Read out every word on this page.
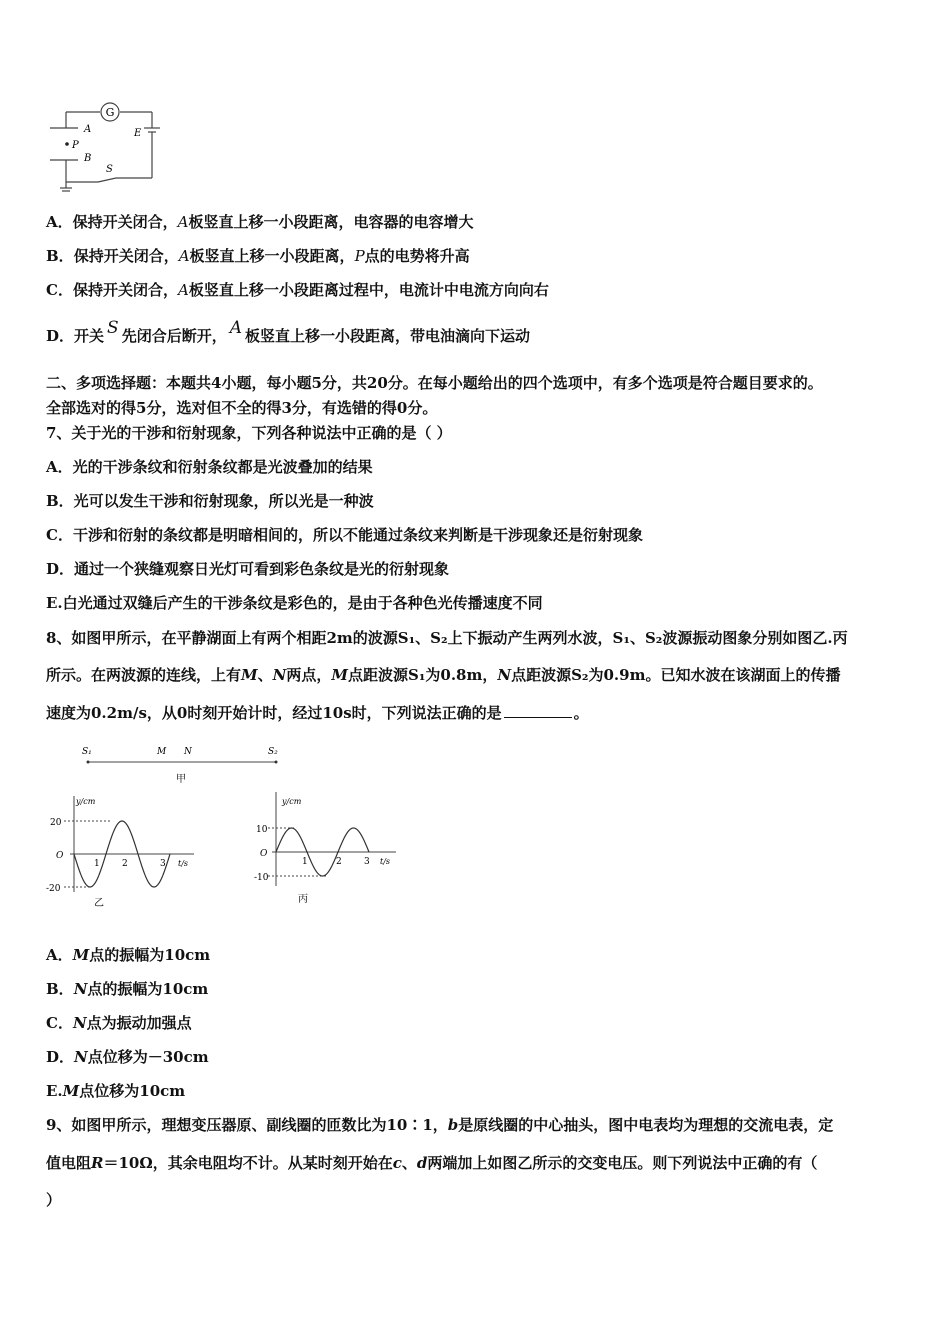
G
A
P
B
E
S
A．保持开关闭合，A板竖直上移一小段距离，电容器的电容增大
B．保持开关闭合，A板竖直上移一小段距离，P点的电势将升高
C．保持开关闭合，A板竖直上移一小段距离过程中，电流计中电流方向向右
D．开关 S 先闭合后断开， A 板竖直上移一小段距离，带电油滴向下运动
二、多项选择题：本题共4小题，每小题5分，共20分。在每小题给出的四个选项中，有多个选项是符合题目要求的。
全部选对的得5分，选对但不全的得3分，有选错的得0分。
7、关于光的干涉和衍射现象，下列各种说法中正确的是（ ）
A．光的干涉条纹和衍射条纹都是光波叠加的结果
B．光可以发生干涉和衍射现象，所以光是一种波
C．干涉和衍射的条纹都是明暗相间的，所以不能通过条纹来判断是干涉现象还是衍射现象
D．通过一个狭缝观察日光灯可看到彩色条纹是光的衍射现象
E.白光通过双缝后产生的干涉条纹是彩色的，是由于各种色光传播速度不同
8、如图甲所示，在平静湖面上有两个相距2m的波源S₁、S₂上下振动产生两列水波，S₁、S₂波源振动图象分别如图乙.丙
所示。在两波源的连线，上有M、N两点，M点距波源S₁为0.8m，N点距波源S₂为0.9m。已知水波在该湖面上的传播
速度为0.2m/s，从0时刻开始计时，经过10s时，下列说法正确的是	。
S₁	M N	S₂
甲
y/cm
t/s
O
20
-20
1 2	3
乙
y/cm
t/s
O
10
-10
1	2 3
丙
A．M点的振幅为10cm
B．N点的振幅为10cm
C．N点为振动加强点
D．N点位移为－30cm
E.M点位移为10cm
9、如图甲所示，理想变压器原、副线圈的匝数比为10∶1，b是原线圈的中心抽头，图中电表均为理想的交流电表，定
值电阻R＝10Ω，其余电阻均不计。从某时刻开始在c、d两端加上如图乙所示的交变电压。则下列说法中正确的有（
）
